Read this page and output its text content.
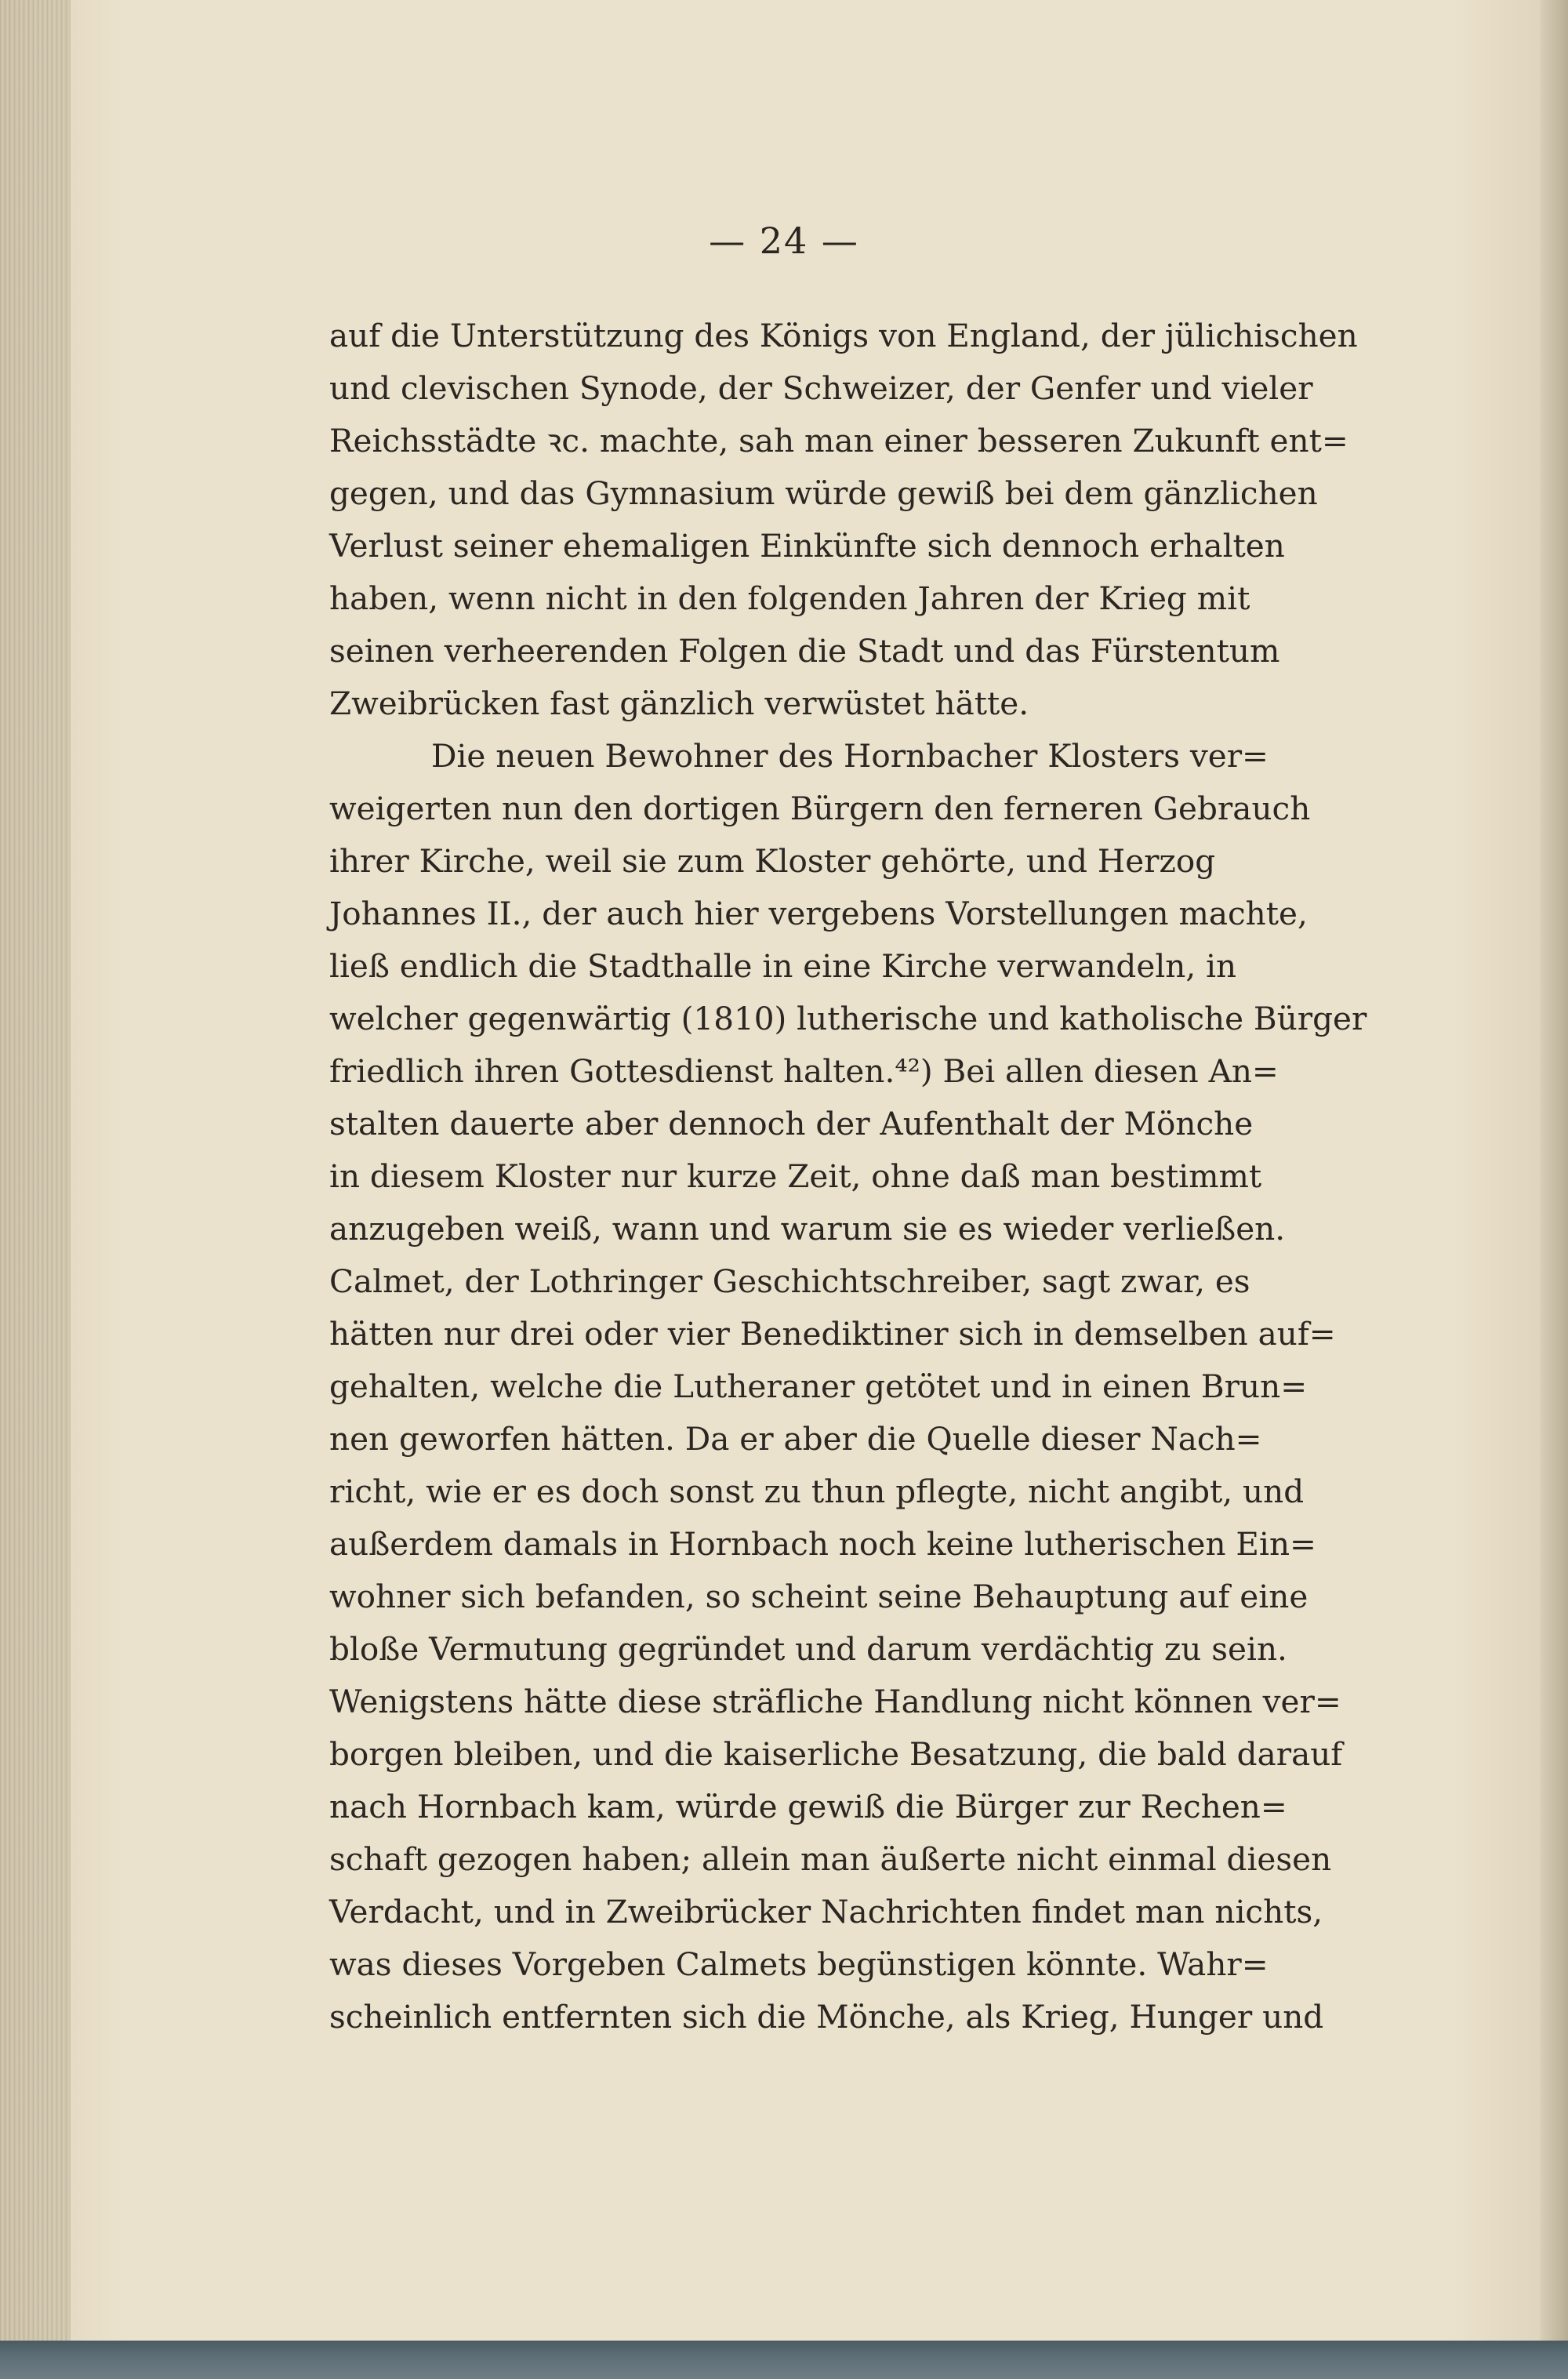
— 24 —
auf die Unterstützung des Königs von England, der jülichischen
und clevischen Synode, der Schweizer, der Genfer und vieler
Reichsstädte ꝛc. machte, sah man einer besseren Zukunft ent=
gegen, und das Gymnasium würde gewiß bei dem gänzlichen
Verlust seiner ehemaligen Einkünfte sich dennoch erhalten
haben, wenn nicht in den folgenden Jahren der Krieg mit
seinen verheerenden Folgen die Stadt und das Fürstentum
Zweibrücken fast gänzlich verwüstet hätte.
Die neuen Bewohner des Hornbacher Klosters ver=
weigerten nun den dortigen Bürgern den ferneren Gebrauch
ihrer Kirche, weil sie zum Kloster gehörte, und Herzog
Johannes II., der auch hier vergebens Vorstellungen machte,
ließ endlich die Stadthalle in eine Kirche verwandeln, in
welcher gegenwärtig (1810) lutherische und katholische Bürger
friedlich ihren Gottesdienst halten.⁴²) Bei allen diesen An=
stalten dauerte aber dennoch der Aufenthalt der Mönche
in diesem Kloster nur kurze Zeit, ohne daß man bestimmt
anzugeben weiß, wann und warum sie es wieder verließen.
Calmet, der Lothringer Geschichtschreiber, sagt zwar, es
hätten nur drei oder vier Benediktiner sich in demselben auf=
gehalten, welche die Lutheraner getötet und in einen Brun=
nen geworfen hätten. Da er aber die Quelle dieser Nach=
richt, wie er es doch sonst zu thun pflegte, nicht angibt, und
außerdem damals in Hornbach noch keine lutherischen Ein=
wohner sich befanden, so scheint seine Behauptung auf eine
bloße Vermutung gegründet und darum verdächtig zu sein.
Wenigstens hätte diese sträfliche Handlung nicht können ver=
borgen bleiben, und die kaiserliche Besatzung, die bald darauf
nach Hornbach kam, würde gewiß die Bürger zur Rechen=
schaft gezogen haben; allein man äußerte nicht einmal diesen
Verdacht, und in Zweibrücker Nachrichten findet man nichts,
was dieses Vorgeben Calmets begünstigen könnte. Wahr=
scheinlich entfernten sich die Mönche, als Krieg, Hunger und
